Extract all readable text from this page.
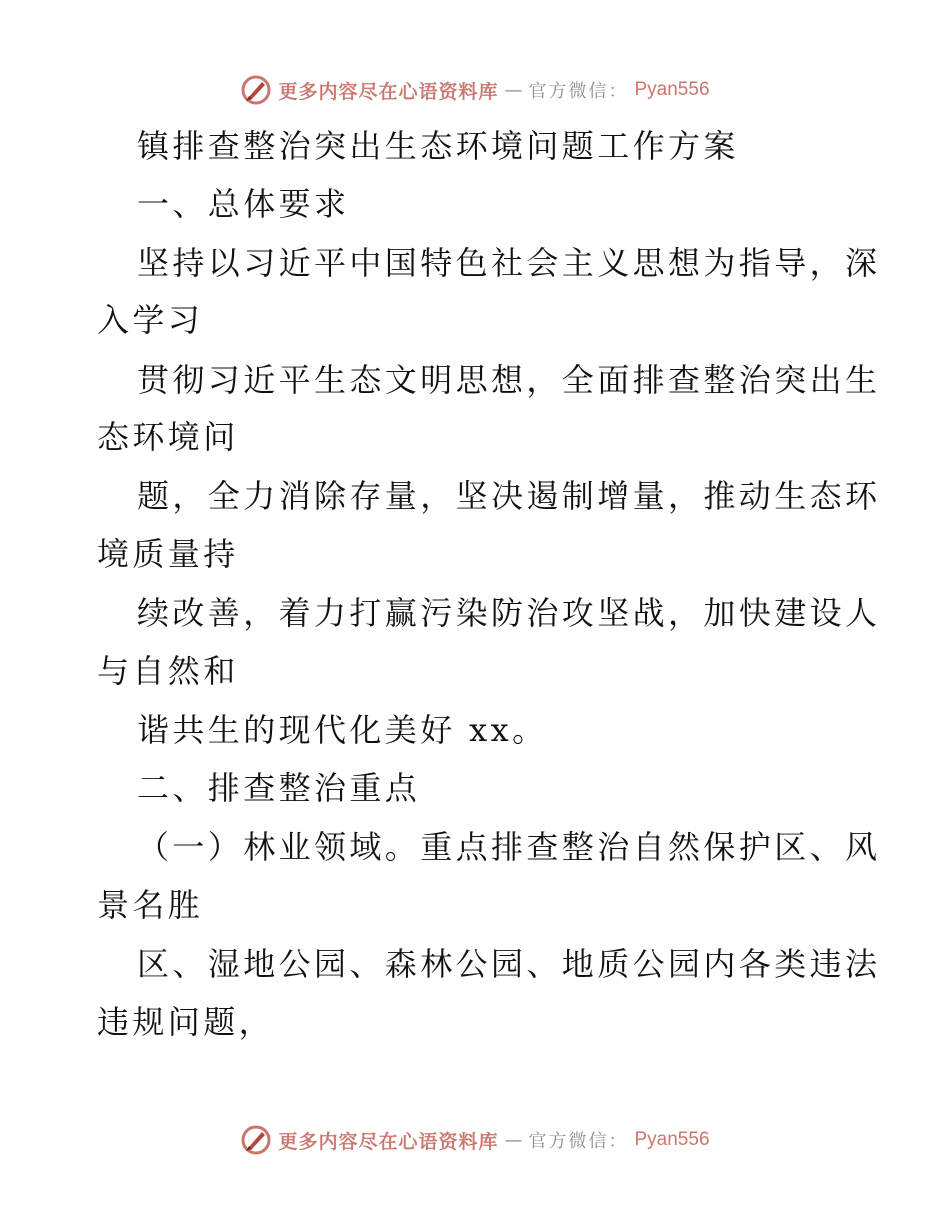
更多内容尽在心语资料库 — 官方微信： Pyan556

镇排查整治突出生态环境问题工作方案

一、总体要求

坚持以习近平中国特色社会主义思想为指导，深

入学习

贯彻习近平生态文明思想，全面排查整治突出生

态环境问

题，全力消除存量，坚决遏制增量，推动生态环

境质量持

续改善，着力打赢污染防治攻坚战，加快建设人

与自然和

谐共生的现代化美好 xx。

二、排查整治重点

（一）林业领域。重点排查整治自然保护区、风

景名胜

区、湿地公园、森林公园、地质公园内各类违法

违规问题，

更多内容尽在心语资料库 — 官方微信： Pyan556
